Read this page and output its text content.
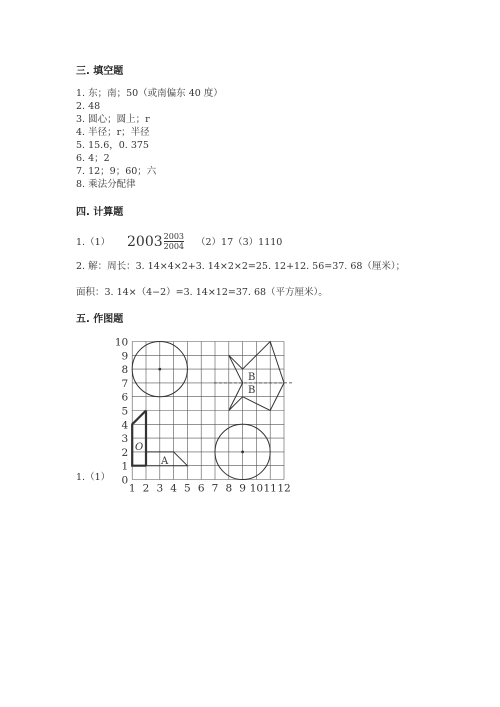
三. 填空题
1. 东；南；50（或南偏东 40 度）
2. 48
3. 圆心；圆上；r
4. 半径；r；半径
5. 15.6，0. 375
6. 4；2
7. 12；9；60；六
8. 乘法分配律
四. 计算题
1.（1） $2003 \frac{2003}{2004} (2)17(3)1110$
2. 解：周长：3. 14×4×2+3. 14×2×2=25. 12+12. 56=37. 68（厘米）；
面积：3. 14×（4−2）=3. 14×12=37. 68（平方厘米）。
五. 作图题
1.（1） 0
1
2
3
4
5
6
7
8
9
10
1 2 3 4 5 6 7 8 9 10 11 12
A
B
B
O
